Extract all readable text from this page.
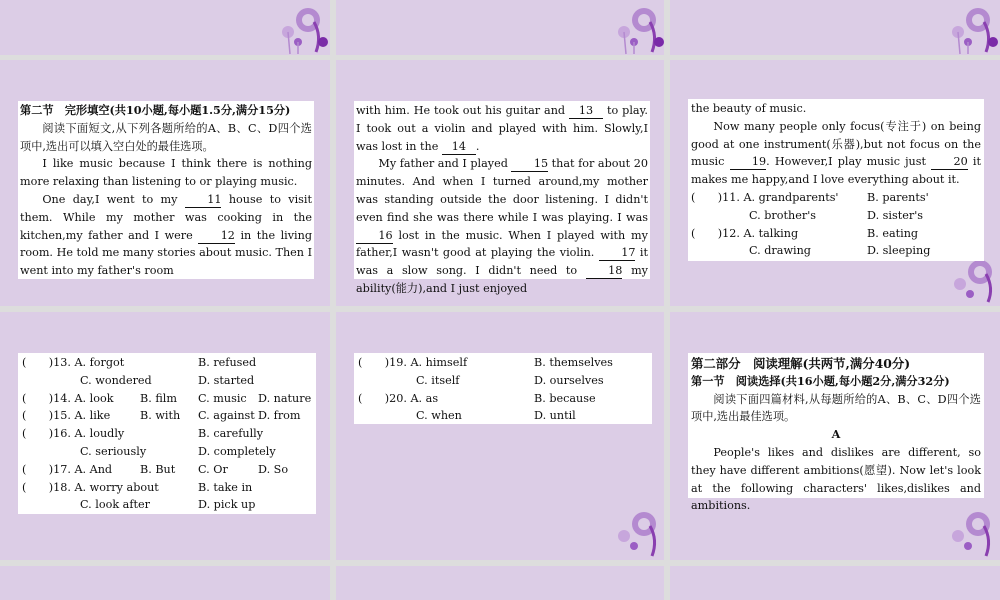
第二节　完形填空(共10小题,每小题1.5分,满分15分)

阅读下面短文,从下列各题所给的A、B、C、D四个选项中,选出可以填入空白处的最佳选项。

I like music because I think there is nothing more relaxing than listening to or playing music.

One day,I went to my 11 house to visit them. While my mother was cooking in the kitchen,my father and I were 12 in the living room. He told me many stories about music. Then I went into my father's room

with him. He took out his guitar and 13 to play. I took out a violin and played with him. Slowly,I was lost in the 14 .

My father and I played 15 that for about 20 minutes. And when I turned around,my mother was standing outside the door listening. I didn't even find she was there while I was playing. I was 16 lost in the music. When I played with my father,I wasn't good at playing the violin. 17 it was a slow song. I didn't need to 18 my ability(能力),and I just enjoyed

the beauty of music.

Now many people only focus(专注于) on being good at one instrument(乐器),but not focus on the music 19. However,I play music just 20 it makes me happy,and I love everything about it.

(　　)11. A. grandparents'	B. parents'
C. brother's	D. sister's
(　　)12. A. talking	B. eating
C. drawing	D. sleeping
(　　)13. A. forgot	B. refused
C. wondered	D. started
(　　)14. A. look	B. film	C. music	D. nature
(　　)15. A. like	B. with	C. against D. from
(　　)16. A. loudly	B. carefully
C. seriously	D. completely
(　　)17. A. And	B. But	C. Or	D. So
(　　)18. A. worry about	B. take in
C. look after	D. pick up
(　　)19. A. himself	B. themselves
C. itself	D. ourselves
(　　)20. A. as	B. because
C. when	D. until

第二部分　阅读理解(共两节,满分40分)

第一节　阅读选择(共16小题,每小题2分,满分32分)

阅读下面四篇材料,从每题所给的A、B、C、D四个选项中,选出最佳选项。

A

People's likes and dislikes are different, so they have different ambitions(愿望). Now let's look at the following characters' likes,dislikes and ambitions.
